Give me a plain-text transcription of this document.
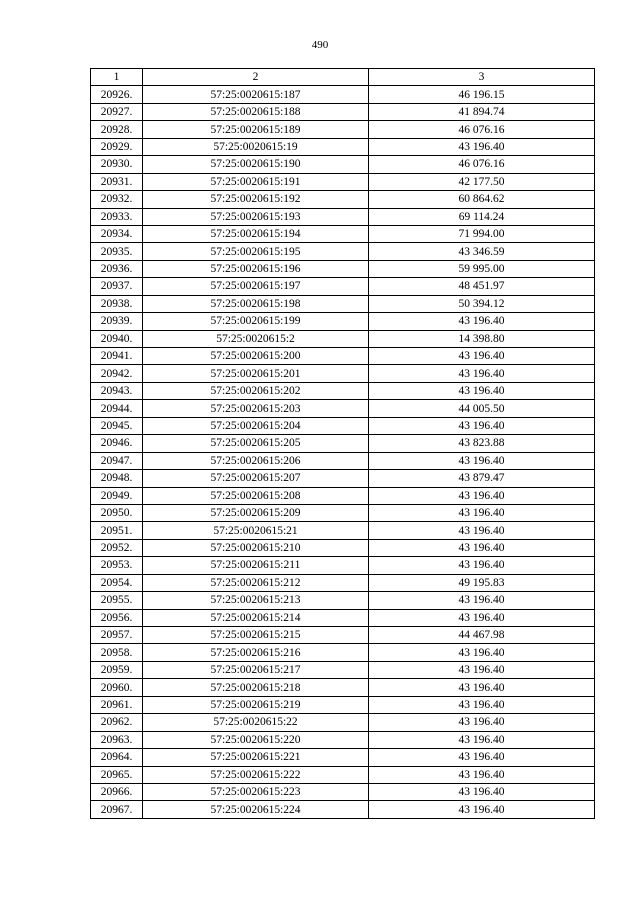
490
1	2	3
20926.	57:25:0020615:187	46 196.15
20927.	57:25:0020615:188	41 894.74
20928.	57:25:0020615:189	46 076.16
20929.	57:25:0020615:19	43 196.40
20930.	57:25:0020615:190	46 076.16
20931.	57:25:0020615:191	42 177.50
20932.	57:25:0020615:192	60 864.62
20933.	57:25:0020615:193	69 114.24
20934.	57:25:0020615:194	71 994.00
20935.	57:25:0020615:195	43 346.59
20936.	57:25:0020615:196	59 995.00
20937.	57:25:0020615:197	48 451.97
20938.	57:25:0020615:198	50 394.12
20939.	57:25:0020615:199	43 196.40
20940.	57:25:0020615:2	14 398.80
20941.	57:25:0020615:200	43 196.40
20942.	57:25:0020615:201	43 196.40
20943.	57:25:0020615:202	43 196.40
20944.	57:25:0020615:203	44 005.50
20945.	57:25:0020615:204	43 196.40
20946.	57:25:0020615:205	43 823.88
20947.	57:25:0020615:206	43 196.40
20948.	57:25:0020615:207	43 879.47
20949.	57:25:0020615:208	43 196.40
20950.	57:25:0020615:209	43 196.40
20951.	57:25:0020615:21	43 196.40
20952.	57:25:0020615:210	43 196.40
20953.	57:25:0020615:211	43 196.40
20954.	57:25:0020615:212	49 195.83
20955.	57:25:0020615:213	43 196.40
20956.	57:25:0020615:214	43 196.40
20957.	57:25:0020615:215	44 467.98
20958.	57:25:0020615:216	43 196.40
20959.	57:25:0020615:217	43 196.40
20960.	57:25:0020615:218	43 196.40
20961.	57:25:0020615:219	43 196.40
20962.	57:25:0020615:22	43 196.40
20963.	57:25:0020615:220	43 196.40
20964.	57:25:0020615:221	43 196.40
20965.	57:25:0020615:222	43 196.40
20966.	57:25:0020615:223	43 196.40
20967.	57:25:0020615:224	43 196.40
